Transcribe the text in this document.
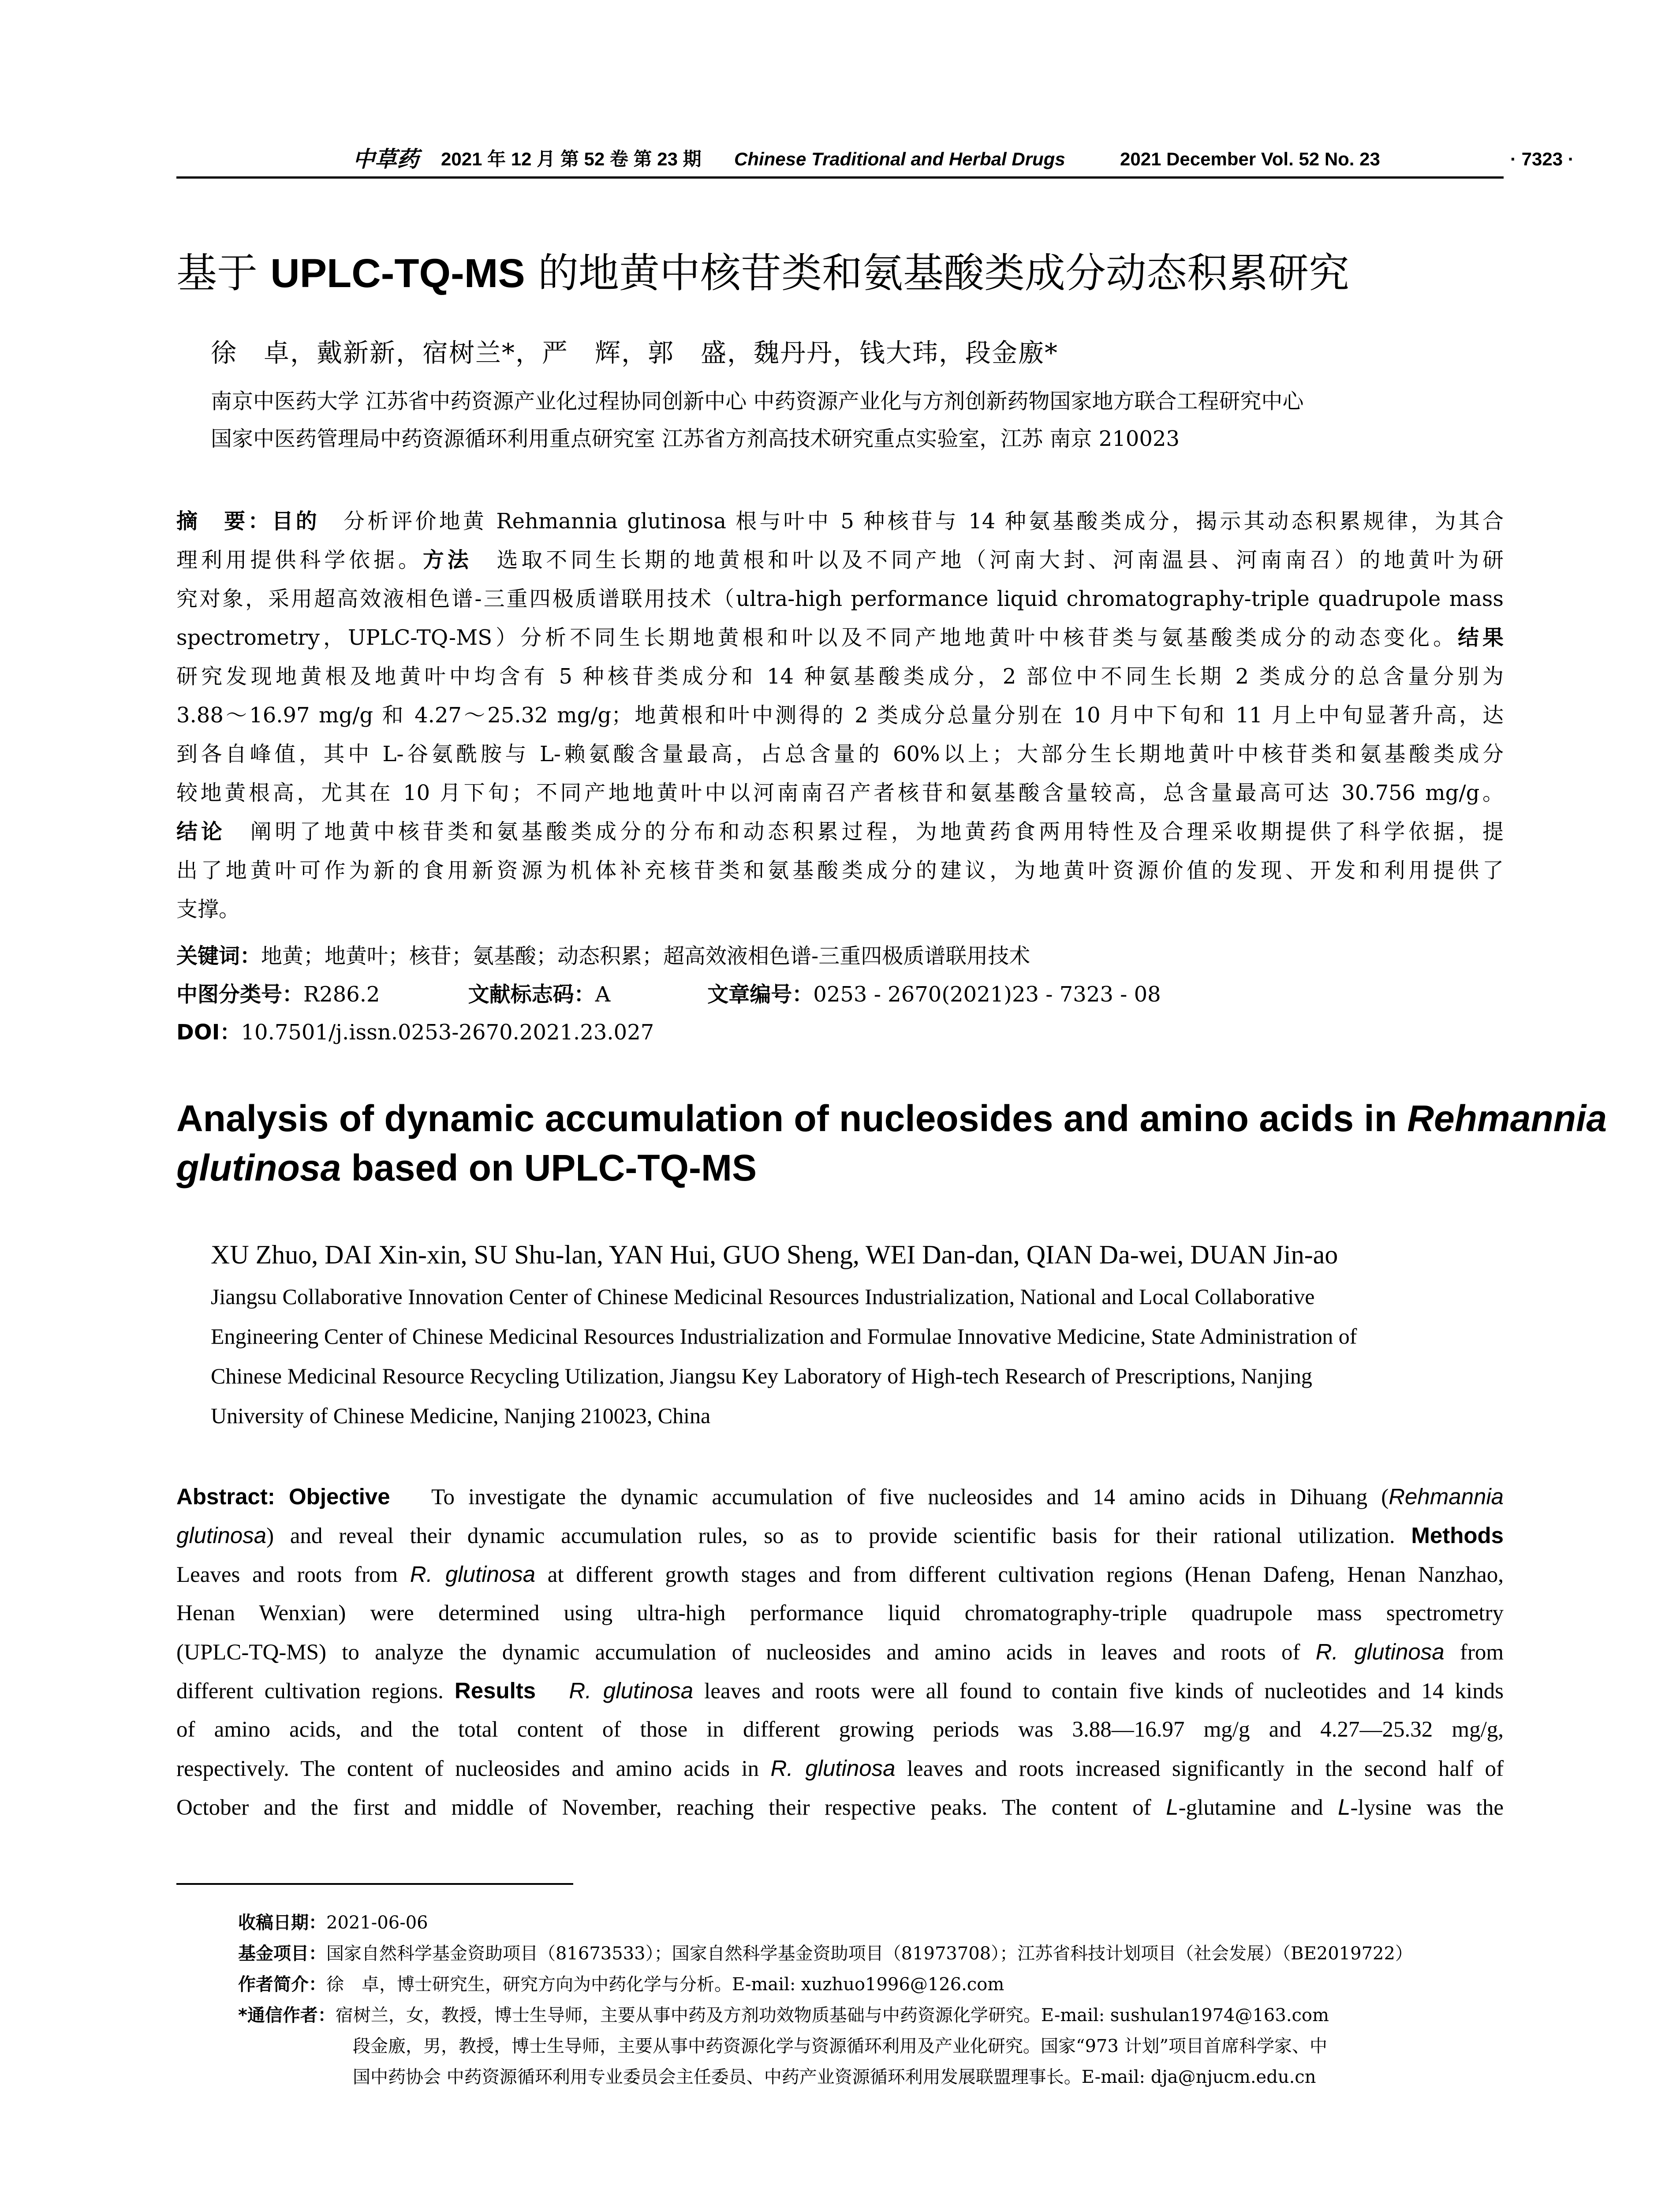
中草药 2021 年 12 月 第 52 卷 第 23 期 Chinese Traditional and Herbal Drugs	2021 December Vol. 52 No. 23	· 7323 ·
基于 UPLC-TQ-MS 的地黄中核苷类和氨基酸类成分动态积累研究
徐　卓，戴新新，宿树兰*，严　辉，郭　盛，魏丹丹，钱大玮，段金廒*
南京中医药大学 江苏省中药资源产业化过程协同创新中心 中药资源产业化与方剂创新药物国家地方联合工程研究中心
国家中医药管理局中药资源循环利用重点研究室 江苏省方剂高技术研究重点实验室，江苏 南京 210023
摘　要：目的　 分析评价地黄 Rehmannia glutinosa 根与叶中 5 种核苷与 14 种氨基酸类成分，揭示其动态积累规律，为其合
理利用提供科学依据。方法　 选取不同生长期的地黄根和叶以及不同产地（河南大封、河南温县、河南南召）的地黄叶为研
究对象，采用超高效液相色谱-三重四极质谱联用技术（ultra-high performance liquid chromatography-triple quadrupole mass
spectrometry，UPLC-TQ-MS）分析不同生长期地黄根和叶以及不同产地地黄叶中核苷类与氨基酸类成分的动态变化。结果
研究发现地黄根及地黄叶中均含有 5 种核苷类成分和 14 种氨基酸类成分，2 部位中不同生长期 2 类成分的总含量分别为
3.88～16.97 mg/g 和 4.27～25.32 mg/g；地黄根和叶中测得的 2 类成分总量分别在 10 月中下旬和 11 月上中旬显著升高，达
到各自峰值，其中 L-谷氨酰胺与 L-赖氨酸含量最高，占总含量的 60%以上；大部分生长期地黄叶中核苷类和氨基酸类成分
较地黄根高，尤其在 10 月下旬；不同产地地黄叶中以河南南召产者核苷和氨基酸含量较高，总含量最高可达 30.756 mg/g。
结论　 阐明了地黄中核苷类和氨基酸类成分的分布和动态积累过程，为地黄药食两用特性及合理采收期提供了科学依据，提
出了地黄叶可作为新的食用新资源为机体补充核苷类和氨基酸类成分的建议，为地黄叶资源价值的发现、开发和利用提供了
支撑。
关键词：地黄；地黄叶；核苷；氨基酸；动态积累；超高效液相色谱-三重四极质谱联用技术
中图分类号：R286.2	文献标志码：A	文章编号：0253 - 2670(2021)23 - 7323 - 08
DOI：10.7501/j.issn.0253-2670.2021.23.027
Analysis of dynamic accumulation of nucleosides and amino acids in Rehmannia
glutinosa based on UPLC-TQ-MS
XU Zhuo, DAI Xin-xin, SU Shu-lan, YAN Hui, GUO Sheng, WEI Dan-dan, QIAN Da-wei, DUAN Jin-ao
Jiangsu Collaborative Innovation Center of Chinese Medicinal Resources Industrialization, National and Local Collaborative
Engineering Center of Chinese Medicinal Resources Industrialization and Formulae Innovative Medicine, State Administration of
Chinese Medicinal Resource Recycling Utilization, Jiangsu Key Laboratory of High-tech Research of Prescriptions, Nanjing
University of Chinese Medicine, Nanjing 210023, China
Abstract: Objective To investigate the dynamic accumulation of five nucleosides and 14 amino acids in Dihuang (Rehmannia
glutinosa) and reveal their dynamic accumulation rules, so as to provide scientific basis for their rational utilization. Methods
Leaves and roots from R. glutinosa at different growth stages and from different cultivation regions (Henan Dafeng, Henan Nanzhao,
Henan Wenxian) were determined using ultra-high performance liquid chromatography-triple quadrupole mass spectrometry
(UPLC-TQ-MS) to analyze the dynamic accumulation of nucleosides and amino acids in leaves and roots of R. glutinosa from
different cultivation regions. Results R. glutinosa leaves and roots were all found to contain five kinds of nucleotides and 14 kinds
of amino acids, and the total content of those in different growing periods was 3.88—16.97 mg/g and 4.27—25.32 mg/g,
respectively. The content of nucleosides and amino acids in R. glutinosa leaves and roots increased significantly in the second half of
October and the first and middle of November, reaching their respective peaks. The content of L-glutamine and L-lysine was the
收稿日期：2021-06-06
基金项目：国家自然科学基金资助项目（81673533）；国家自然科学基金资助项目（81973708）；江苏省科技计划项目（社会发展）（BE2019722）
作者简介：徐　卓，博士研究生，研究方向为中药化学与分析。E-mail: xuzhuo1996@126.com
*通信作者：宿树兰，女，教授，博士生导师，主要从事中药及方剂功效物质基础与中药资源化学研究。E-mail: sushulan1974@163.com
段金廒，男，教授，博士生导师，主要从事中药资源化学与资源循环利用及产业化研究。国家“973 计划”项目首席科学家、中
国中药协会 中药资源循环利用专业委员会主任委员、中药产业资源循环利用发展联盟理事长。E-mail: dja@njucm.edu.cn
